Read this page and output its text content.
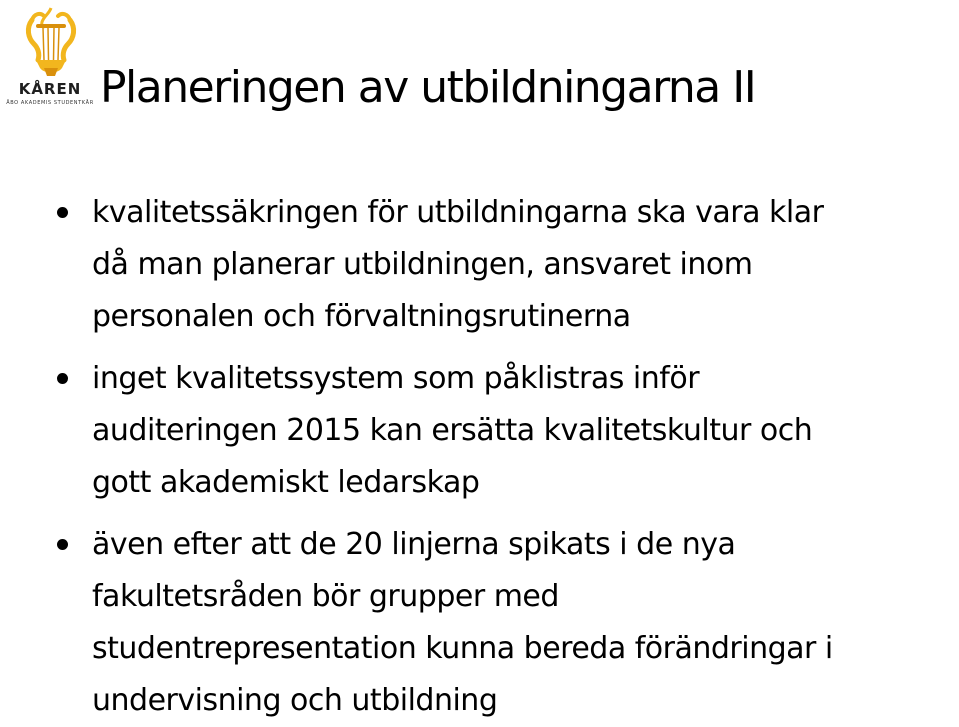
KÅREN
ÅBO AKADEMIS STUDENTKÅR Planeringen av utbildningarna II
kvalitetssäkringen för utbildningarna ska vara klar
då man planerar utbildningen, ansvaret inom
personalen och förvaltningsrutinerna
inget kvalitetssystem som påklistras inför
auditeringen 2015 kan ersätta kvalitetskultur och
gott akademiskt ledarskap
även efter att de 20 linjerna spikats i de nya
fakultetsråden bör grupper med
studentrepresentation kunna bereda förändringar i
undervisning och utbildning
